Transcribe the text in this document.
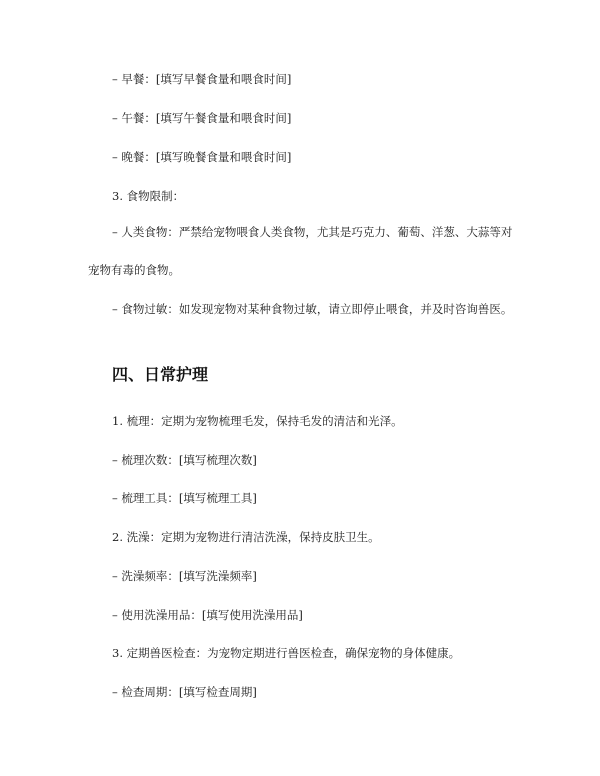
– 早餐：[填写早餐食量和喂食时间]
– 午餐：[填写午餐食量和喂食时间]
– 晚餐：[填写晚餐食量和喂食时间]
3. 食物限制：
– 人类食物：严禁给宠物喂食人类食物，尤其是巧克力、葡萄、洋葱、大蒜等对宠物有毒的食物。
– 食物过敏：如发现宠物对某种食物过敏，请立即停止喂食，并及时咨询兽医。
四、日常护理
1. 梳理：定期为宠物梳理毛发，保持毛发的清洁和光泽。
– 梳理次数：[填写梳理次数]
– 梳理工具：[填写梳理工具]
2. 洗澡：定期为宠物进行清洁洗澡，保持皮肤卫生。
– 洗澡频率：[填写洗澡频率]
– 使用洗澡用品：[填写使用洗澡用品]
3. 定期兽医检查：为宠物定期进行兽医检查，确保宠物的身体健康。
– 检查周期：[填写检查周期]
